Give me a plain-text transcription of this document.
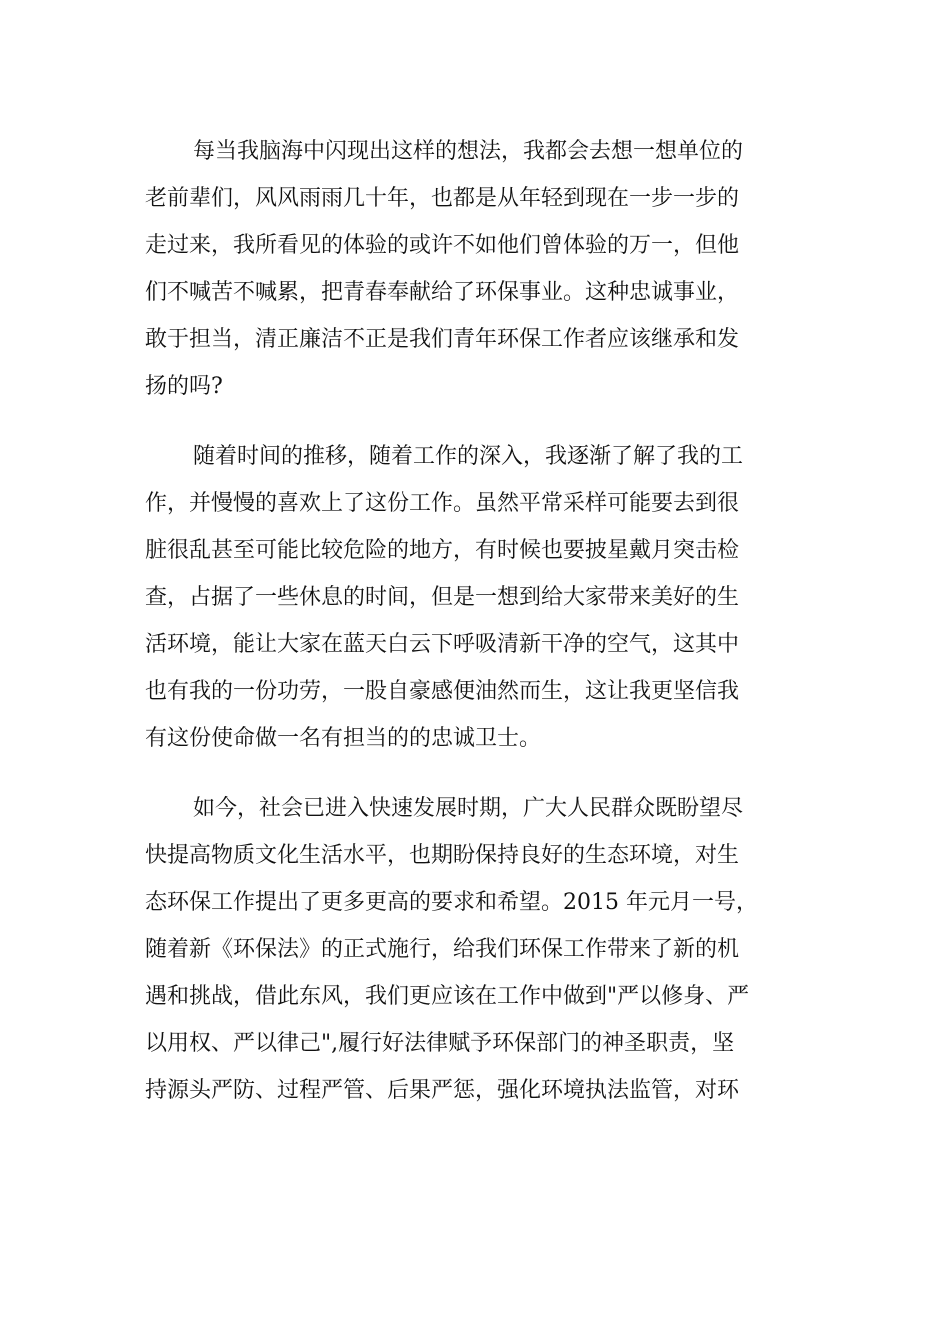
每当我脑海中闪现出这样的想法，我都会去想一想单位的
老前辈们，风风雨雨几十年，也都是从年轻到现在一步一步的
走过来，我所看见的体验的或许不如他们曾体验的万一，但他
们不喊苦不喊累，把青春奉献给了环保事业。这种忠诚事业，
敢于担当，清正廉洁不正是我们青年环保工作者应该继承和发
扬的吗?
随着时间的推移，随着工作的深入，我逐渐了解了我的工
作，并慢慢的喜欢上了这份工作。虽然平常采样可能要去到很
脏很乱甚至可能比较危险的地方，有时候也要披星戴月突击检
查，占据了一些休息的时间，但是一想到给大家带来美好的生
活环境，能让大家在蓝天白云下呼吸清新干净的空气，这其中
也有我的一份功劳，一股自豪感便油然而生，这让我更坚信我
有这份使命做一名有担当的的忠诚卫士。
如今，社会已进入快速发展时期，广大人民群众既盼望尽
快提高物质文化生活水平，也期盼保持良好的生态环境，对生
态环保工作提出了更多更高的要求和希望。2015 年元月一号，
随着新《环保法》的正式施行，给我们环保工作带来了新的机
遇和挑战，借此东风，我们更应该在工作中做到"严以修身、严
以用权、严以律己",履行好法律赋予环保部门的神圣职责，坚
持源头严防、过程严管、后果严惩，强化环境执法监管，对环
